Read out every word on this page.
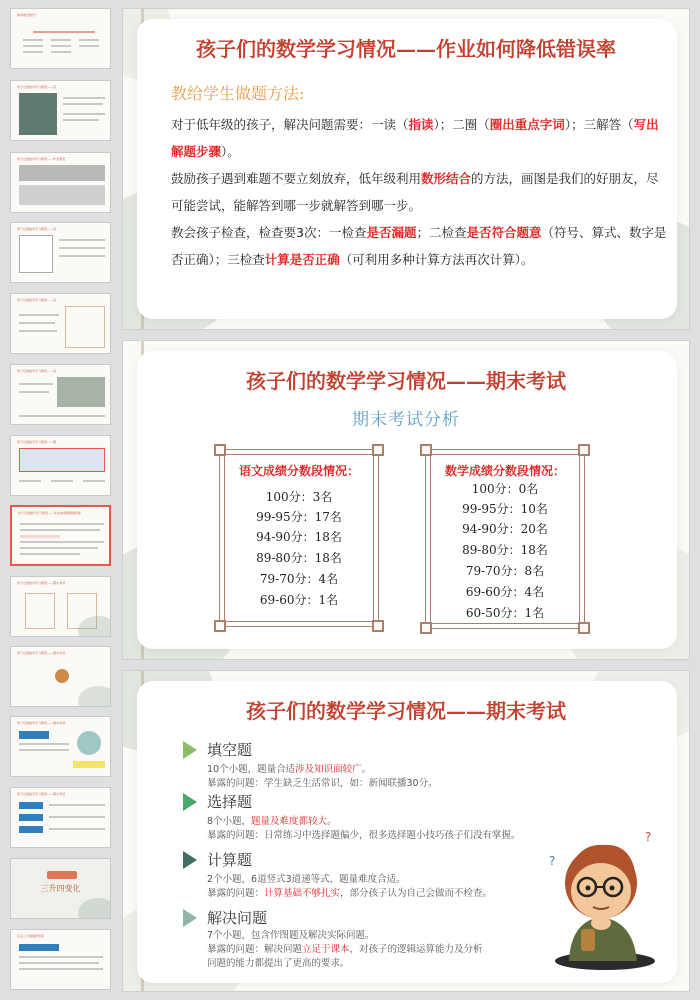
如何抓好数学？
孩子们的数学学习情况——读
孩子们的数学学习情况——作业情况
孩子们的数学学习情况——读
孩子们的数学学习情况——读
孩子们的数学学习情况——读
孩子们的数学学习情况——圈
孩子们的数学学习情况——作业如何降低错误率
孩子们的数学学习情况——期末考试
孩子们的数学学习情况——期末考试
孩子们的数学学习情况——期末考试
孩子们的数学学习情况——期末考试
三升四变化
从这三方面做好衔接
孩子们的数学学习情况——作业如何降低错误率
教给学生做题方法:
对于低年级的孩子，解决问题需要：一读（指读）；二圈（圈出重点字词）；三解答（写出解题步骤）。
鼓励孩子遇到难题不要立刻放弃，低年级利用数形结合的方法，画图是我们的好朋友，尽可能尝试，能解答到哪一步就解答到哪一步。
教会孩子检查，检查要3次：一检查是否漏题；二检查是否符合题意（符号、算式、数字是否正确）；三检查计算是否正确（可利用多种计算方法再次计算）。
孩子们的数学学习情况——期末考试
期末考试分析
语文成绩分数段情况：
100分：3名
99-95分：17名
94-90分：18名
89-80分：18名
79-70分：4名
69-60分：1名
数学成绩分数段情况：
100分：0名
99-95分：10名
94-90分：20名
89-80分：18名
79-70分：8名
69-60分：4名
60-50分：1名
孩子们的数学学习情况——期末考试
填空题
10个小题，题量合适涉及知识面较广。
暴露的问题：学生缺乏生活常识，如：新闻联播30分。
选择题
8个小题，题量及难度都较大。
暴露的问题：日常练习中选择题偏少，很多选择题小技巧孩子们没有掌握。
计算题
2个小题，6道竖式3道递等式，题量难度合适。
暴露的问题：计算基础不够扎实，部分孩子认为自己会做而不检查。
解决问题
7个小题，包含作图题及解决实际问题。
暴露的问题：解决问题立足于课本，对孩子的逻辑运算能力及分析
问题的能力都提出了更高的要求。
?
?
